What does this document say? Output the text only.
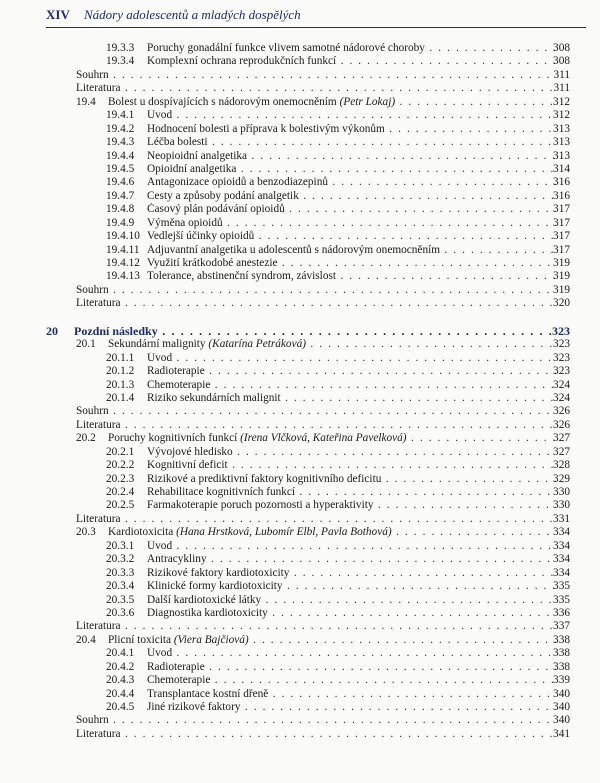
XIV Nádory adolescentů a mladých dospělých
19.3.3 Poruchy gonadální funkce vlivem samotné nádorové choroby . . .	308
19.3.4 Komplexní ochrana reprodukčních funkcí . . .	308
Souhrn . . .	311
Literatura . . .	311
19.4 Bolest u dospívajících s nádorovým onemocněním (Petr Lokaj) . . .	312
19.4.1 Úvod . . .	312
19.4.2 Hodnocení bolesti a příprava k bolestivým výkonům . . .	313
19.4.3 Léčba bolesti . . .	313
19.4.4 Neopioidní analgetika . . .	313
19.4.5 Opioidní analgetika . . .	314
19.4.6 Antagonizace opioidů a benzodiazepinů . . .	316
19.4.7 Cesty a způsoby podání analgetik . . .	316
19.4.8 Časový plán podávání opioidů . . .	317
19.4.9 Výměna opioidů . . .	317
19.4.10 Vedlejší účinky opioidů . . .	317
19.4.11 Adjuvantní analgetika u adolescentů s nádorovým onemocněním . . .	317
19.4.12 Využití krátkodobé anestezie . . .	319
19.4.13 Tolerance, abstinenční syndrom, závislost . . .	319
Souhrn . . .	319
Literatura . . .	320
20 Pozdní následky . . .	323
20.1 Sekundární malignity (Katarína Petráková) . . .	323
20.1.1 Úvod . . .	323
20.1.2 Radioterapie . . .	323
20.1.3 Chemoterapie . . .	324
20.1.4 Riziko sekundárních malignit . . .	324
Souhrn . . .	326
Literatura . . .	326
20.2 Poruchy kognitivních funkcí (Irena Vlčková, Kateřina Pavelková) . . .	327
20.2.1 Vývojové hledisko . . .	327
20.2.2 Kognitivní deficit . . .	328
20.2.3 Rizikové a prediktivní faktory kognitivního deficitu . . .	329
20.2.4 Rehabilitace kognitivních funkcí . . .	330
20.2.5 Farmakoterapie poruch pozornosti a hyperaktivity . . .	330
Literatura . . .	331
20.3 Kardiotoxicita (Hana Hrstková, Lubomír Elbl, Pavla Bothová) . . .	334
20.3.1 Úvod . . .	334
20.3.2 Antracykliny . . .	334
20.3.3 Rizikové faktory kardiotoxicity . . .	334
20.3.4 Klinické formy kardiotoxicity . . .	335
20.3.5 Další kardiotoxické látky . . .	335
20.3.6 Diagnostika kardiotoxicity . . .	336
Literatura . . .	337
20.4 Plicní toxicita (Viera Bajčiová) . . .	338
20.4.1 Úvod . . .	338
20.4.2 Radioterapie . . .	338
20.4.3 Chemoterapie . . .	339
20.4.4 Transplantace kostní dřeně . . .	340
20.4.5 Jiné rizikové faktory . . .	340
Souhrn . . .	340
Literatura . . .	341
